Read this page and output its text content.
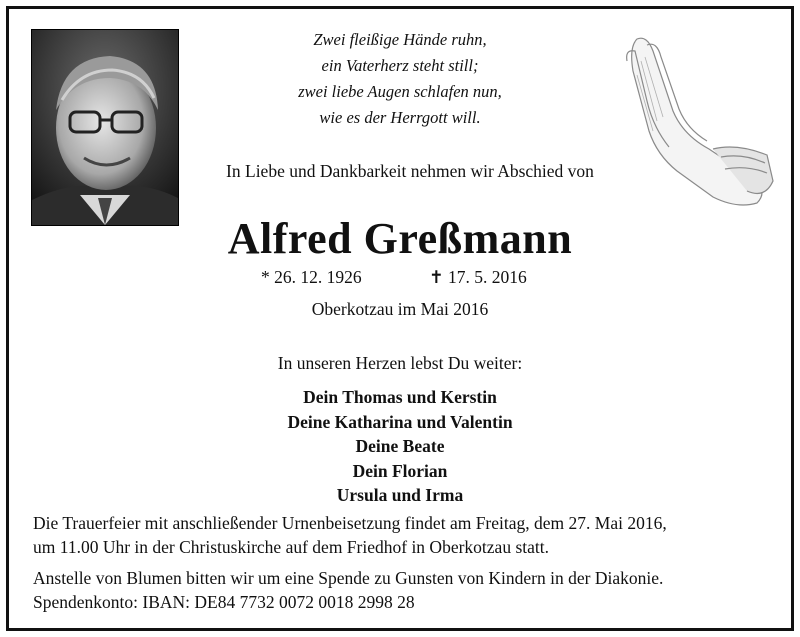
Zwei fleißige Hände ruhn,
ein Vaterherz steht still;
zwei liebe Augen schlafen nun,
wie es der Herrgott will.
In Liebe und Dankbarkeit nehmen wir Abschied von
Alfred Greßmann
* 26. 12. 1926	✝ 17. 5. 2016
Oberkotzau im Mai 2016
In unseren Herzen lebst Du weiter:
Dein Thomas und Kerstin
Deine Katharina und Valentin
Deine Beate
Dein Florian
Ursula und Irma
Die Trauerfeier mit anschließender Urnenbeisetzung findet am Freitag, dem 27. Mai 2016,
um 11.00 Uhr in der Christuskirche auf dem Friedhof in Oberkotzau statt.
Anstelle von Blumen bitten wir um eine Spende zu Gunsten von Kindern in der Diakonie.
Spendenkonto: IBAN: DE84 7732 0072 0018 2998 28
